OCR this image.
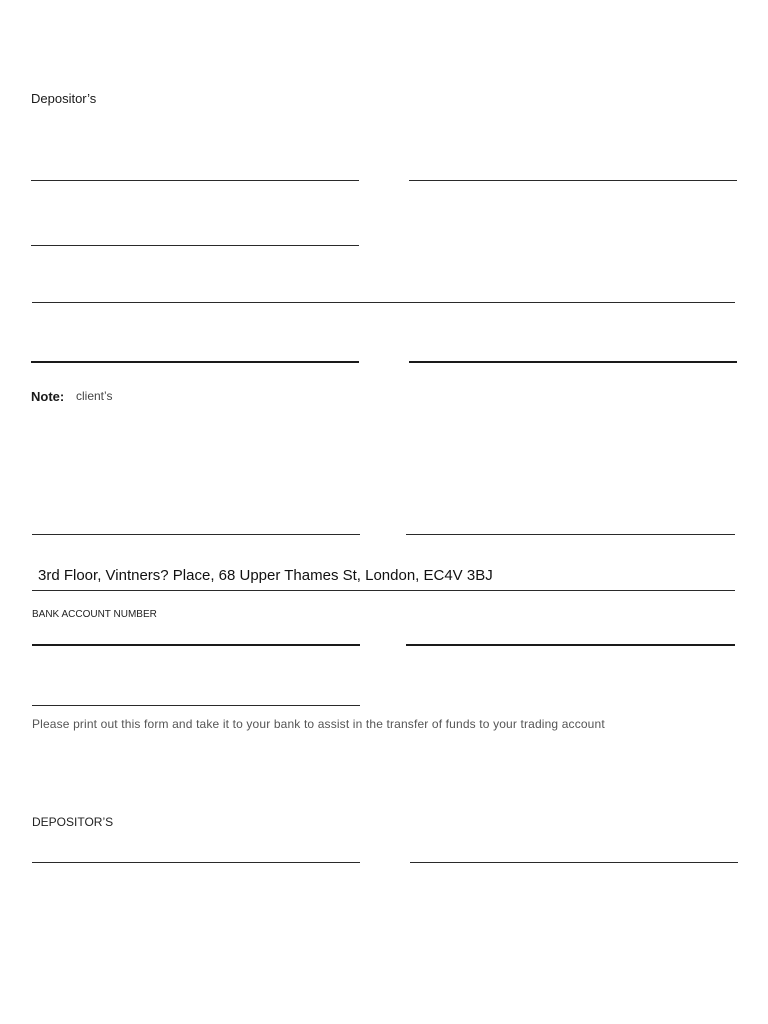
Depositor’s
Note: client’s
3rd Floor, Vintners? Place, 68 Upper Thames St, London, EC4V 3BJ
BANK ACCOUNT NUMBER
Please print out this form and take it to your bank to assist in the transfer of funds to your trading account
DEPOSITOR’S
